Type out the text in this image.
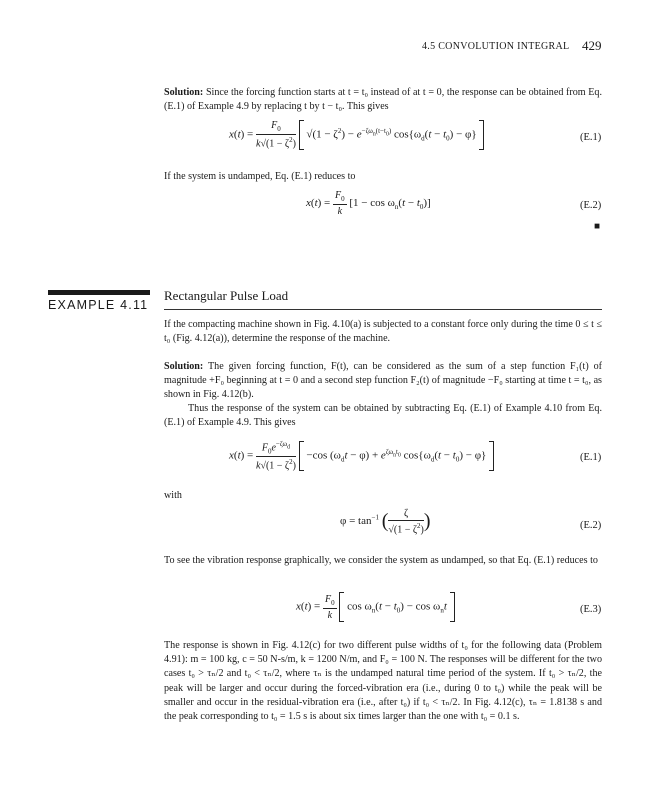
4.5 CONVOLUTION INTEGRAL 429

Solution: Since the forcing function starts at t = t₀ instead of at t = 0, the response can be obtained from Eq. (E.1) of Example 4.9 by replacing t by t − t₀. This gives

$x(t) = \frac{F_0}{k√(1 - \zeta^2)} √(1 - \zeta^2) - e^{-\zeta\omega_n(t-t_0)}$ $\cos\{\omega_d(t - t_0) - \varphi\}$	(E.1)

If the system is undamped, Eq. (E.1) reduces to

$x(t) = \frac{F_0}{k} [1 - \cos \omega_n(t - t_0)]$	(E.2)
■
EXAMPLE 4.11
Rectangular Pulse Load

If the compacting machine shown in Fig. 4.10(a) is subjected to a constant force only during the time 0 ≤ t ≤ t₀ (Fig. 4.12(a)), determine the response of the machine.

Solution: The given forcing function, F(t), can be considered as the sum of a step function F₁(t) of magnitude +F₀ beginning at t = 0 and a second step function F₂(t) of magnitude −F₀ starting at time t = t₀, as shown in Fig. 4.12(b).

Thus the response of the system can be obtained by subtracting Eq. (E.1) of Example 4.10 from Eq. (E.1) of Example 4.9. This gives

$x(t) = \frac{F_0e^{-\zeta\omega_d}}{k√(1 - \zeta^2)} -\cos$ $(\omega_dt - \varphi) + e^{\zeta\omega_nt_0}$ $\cos\{\omega_d(t - t_0) - \varphi\}$	(E.1)
with
$\varphi = \tan^{-1}$ ( $\frac{\zeta}{√(1 - \zeta^2)}$ )	(E.2)

To see the vibration response graphically, we consider the system as undamped, so that Eq. (E.1) reduces to

$x(t) = \frac{F_0}{k}$ $\cos \omega_n(t - t_0) - \cos \omega_nt$	(E.3)

The response is shown in Fig. 4.12(c) for two different pulse widths of t₀ for the following data (Problem 4.91): m = 100 kg, c = 50 N-s/m, k = 1200 N/m, and F₀ = 100 N. The responses will be different for the two cases t₀ > τₙ/2 and t₀ < τₙ/2, where τₙ is the undamped natural time period of the system. If t₀ > τₙ/2, the peak will be larger and occur during the forced-vibration era (i.e., during 0 to t₀) while the peak will be smaller and occur in the residual-vibration era (i.e., after t₀) if t₀ < τₙ/2. In Fig. 4.12(c), τₙ = 1.8138 s and the peak corresponding to t₀ = 1.5 s is about six times larger than the one with t₀ = 0.1 s.
